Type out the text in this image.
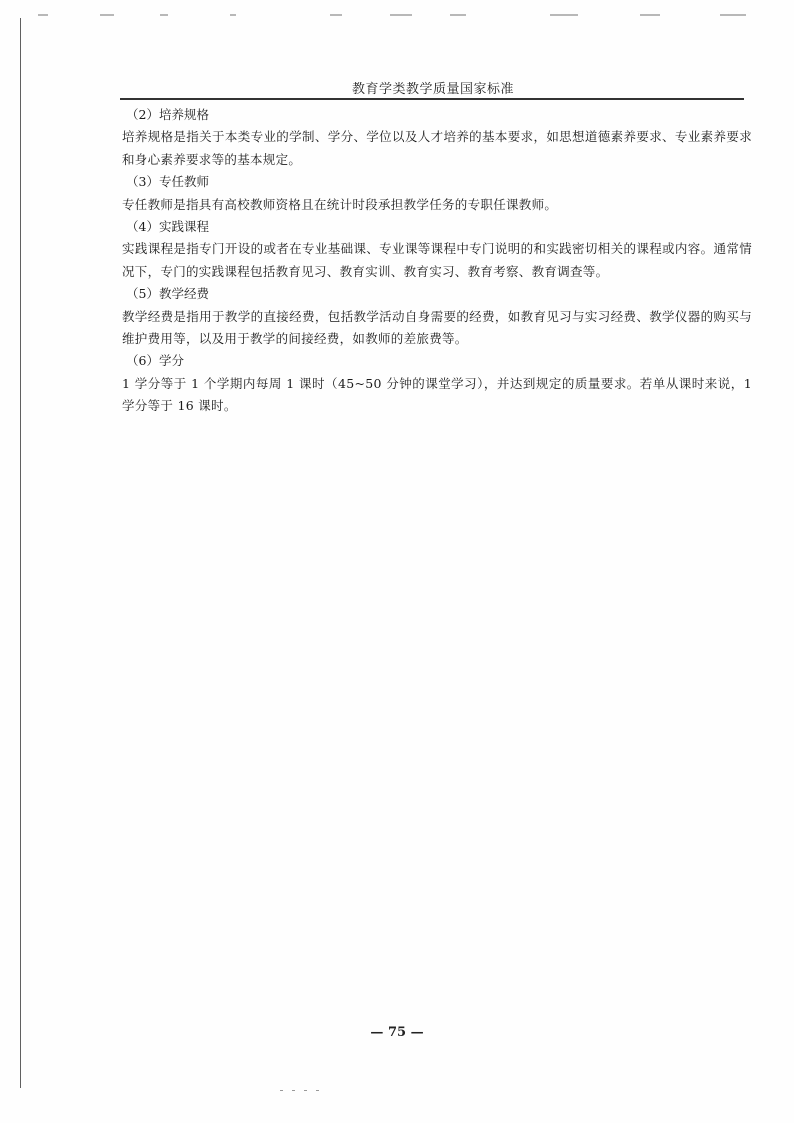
教育学类教学质量国家标准

（2）培养规格

培养规格是指关于本类专业的学制、学分、学位以及人才培养的基本要求，如思想道德素养要求、专业素养要求和身心素养要求等的基本规定。

（3）专任教师

专任教师是指具有高校教师资格且在统计时段承担教学任务的专职任课教师。

（4）实践课程

实践课程是指专门开设的或者在专业基础课、专业课等课程中专门说明的和实践密切相关的课程或内容。通常情况下，专门的实践课程包括教育见习、教育实训、教育实习、教育考察、教育调查等。

（5）教学经费

教学经费是指用于教学的直接经费，包括教学活动自身需要的经费，如教育见习与实习经费、教学仪器的购买与维护费用等，以及用于教学的间接经费，如教师的差旅费等。

（6）学分

1 学分等于 1 个学期内每周 1 课时（45~50 分钟的课堂学习），并达到规定的质量要求。若单从课时来说，1 学分等于 16 课时。

— 75 —
